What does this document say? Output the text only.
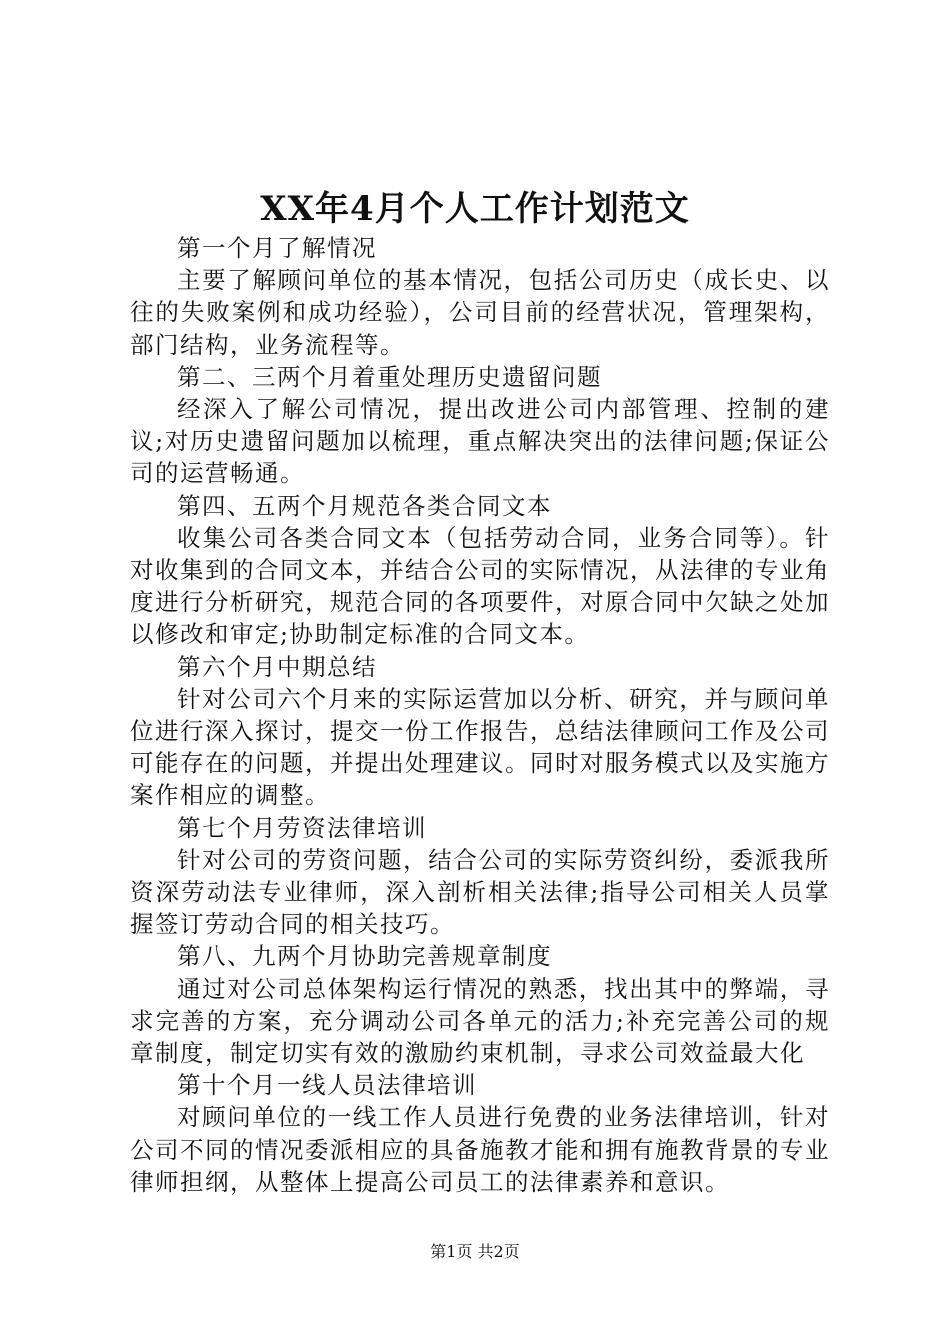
XX年4月个人工作计划范文

第一个月了解情况

主要了解顾问单位的基本情况，包括公司历史（成长史、以往的失败案例和成功经验），公司目前的经营状况，管理架构，部门结构，业务流程等。

第二、三两个月着重处理历史遗留问题

经深入了解公司情况，提出改进公司内部管理、控制的建议;对历史遗留问题加以梳理，重点解决突出的法律问题;保证公司的运营畅通。

第四、五两个月规范各类合同文本

收集公司各类合同文本（包括劳动合同，业务合同等）。针对收集到的合同文本，并结合公司的实际情况，从法律的专业角度进行分析研究，规范合同的各项要件，对原合同中欠缺之处加以修改和审定;协助制定标准的合同文本。

第六个月中期总结

针对公司六个月来的实际运营加以分析、研究，并与顾问单位进行深入探讨，提交一份工作报告，总结法律顾问工作及公司可能存在的问题，并提出处理建议。同时对服务模式以及实施方案作相应的调整。

第七个月劳资法律培训

针对公司的劳资问题，结合公司的实际劳资纠纷，委派我所资深劳动法专业律师，深入剖析相关法律;指导公司相关人员掌握签订劳动合同的相关技巧。

第八、九两个月协助完善规章制度

通过对公司总体架构运行情况的熟悉，找出其中的弊端，寻求完善的方案，充分调动公司各单元的活力;补充完善公司的规章制度，制定切实有效的激励约束机制，寻求公司效益最大化

第十个月一线人员法律培训

对顾问单位的一线工作人员进行免费的业务法律培训，针对公司不同的情况委派相应的具备施教才能和拥有施教背景的专业律师担纲，从整体上提高公司员工的法律素养和意识。

第1页 共2页
